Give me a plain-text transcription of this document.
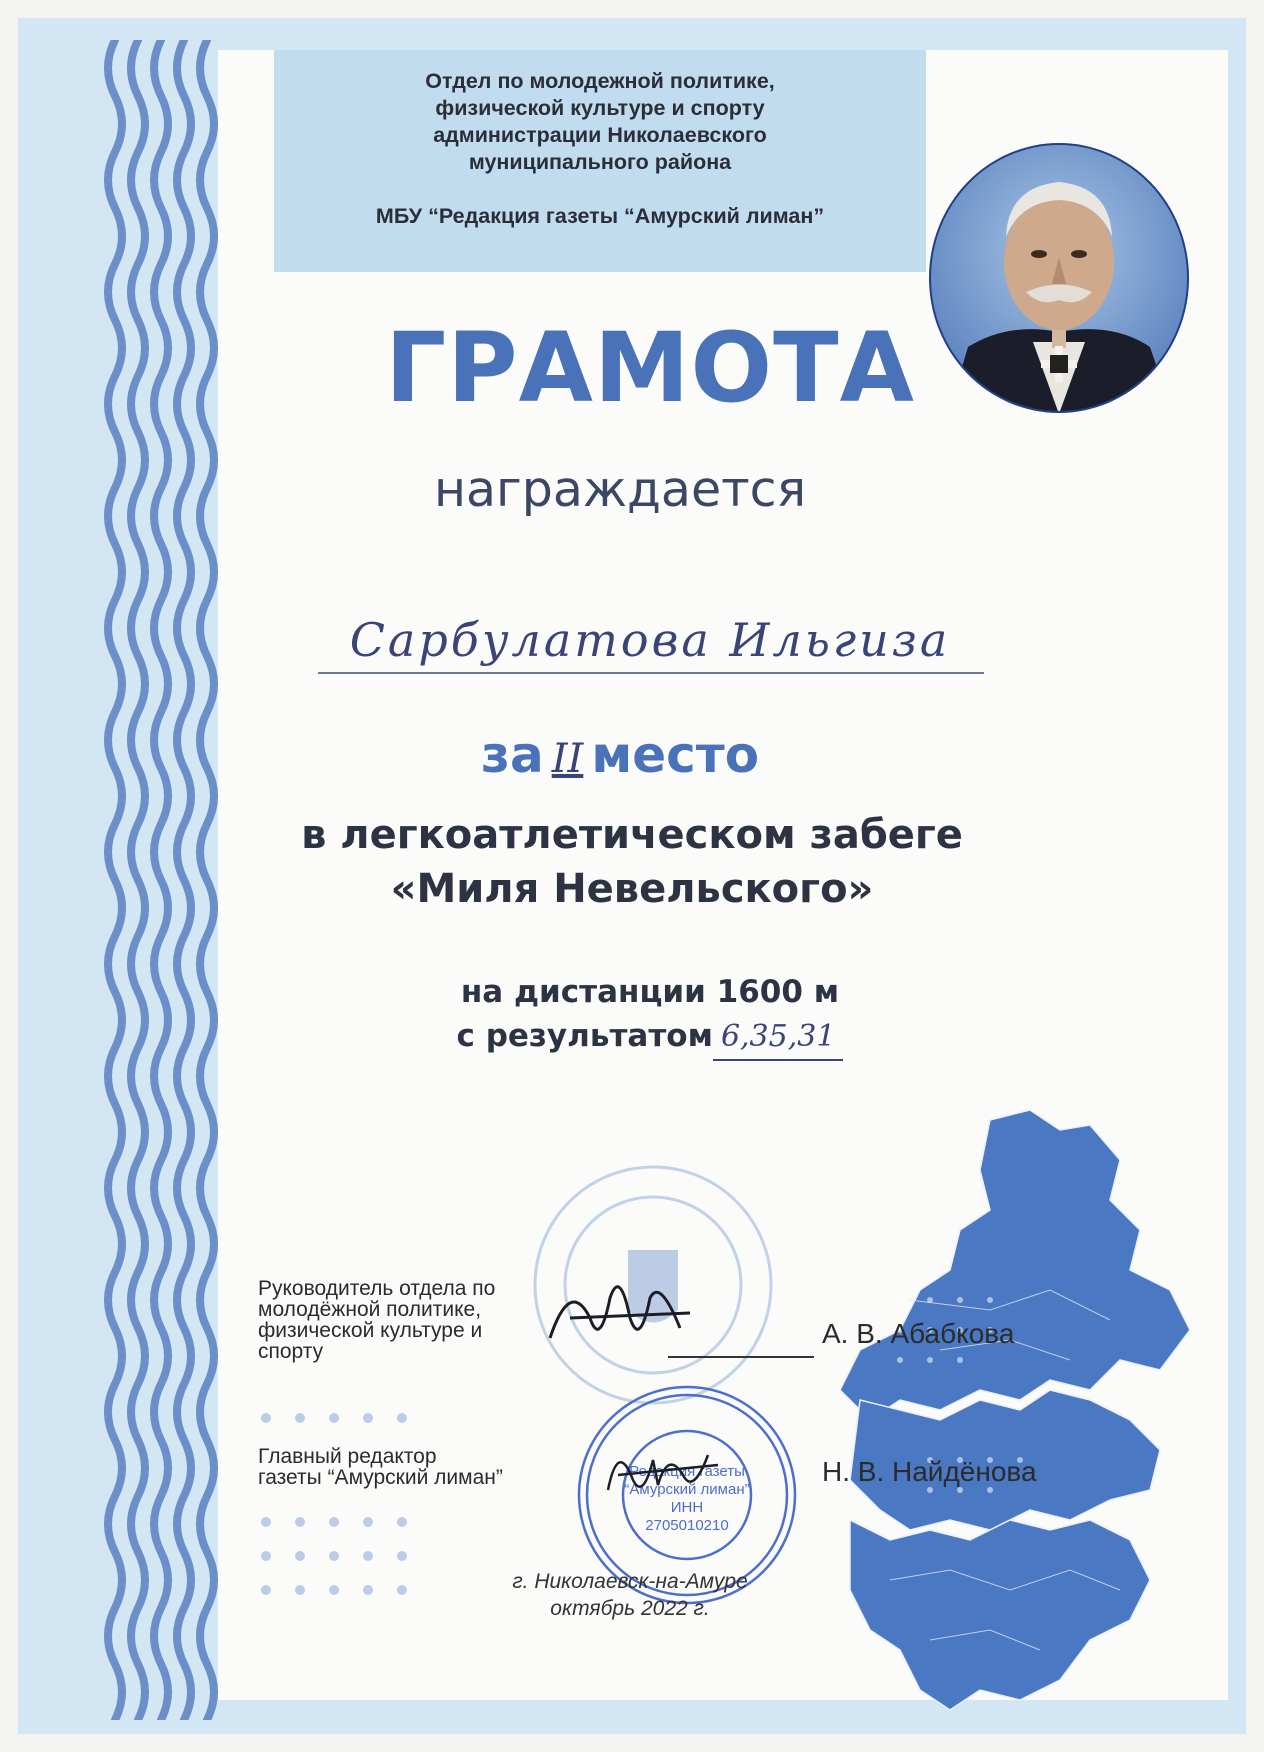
Отдел по молодежной политике,
физической культуре и спорту
администрации Николаевского
муниципального района
МБУ “Редакция газеты “Амурский лиман”
ГРАМОТА
награждается
Сарбулатова Ильгиза
за II место
в легкоатлетическом забеге
«Миля Невельского»
на дистанции 1600 м
с результатом 6,35,31
Руководитель отдела по
молодёжной политике,
физической культуре и
спорту
А. В. Абабкова
Редакция газеты
“Амурский лиман”
ИНН
2705010210
Главный редактор
газеты “Амурский лиман”	Н. В. Найдёнова
г. Николаевск-на-Амуре
октябрь 2022 г.
